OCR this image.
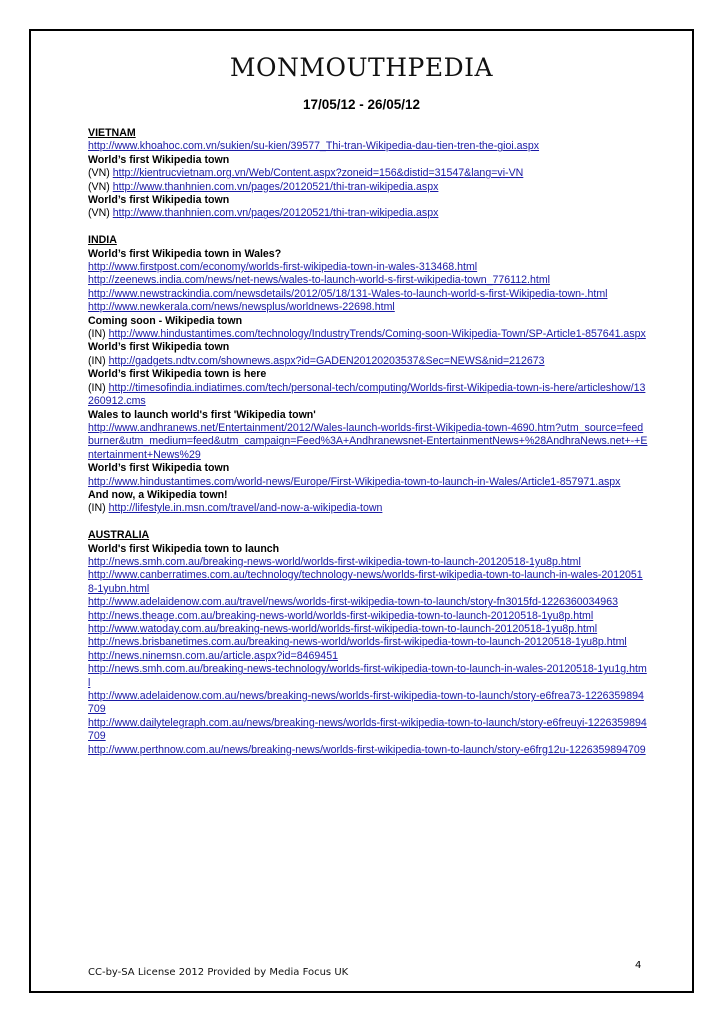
MONMOUTHPEDIA
17/05/12 - 26/05/12
VIETNAM
http://www.khoahoc.com.vn/sukien/su-kien/39577_Thi-tran-Wikipedia-dau-tien-tren-the-gioi.aspx
World’s first Wikipedia town
(VN) http://kientrucvietnam.org.vn/Web/Content.aspx?zoneid=156&distid=31547&lang=vi-VN
(VN) http://www.thanhnien.com.vn/pages/20120521/thi-tran-wikipedia.aspx
World’s first Wikipedia town
(VN) http://www.thanhnien.com.vn/pages/20120521/thi-tran-wikipedia.aspx
INDIA
World’s first Wikipedia town in Wales?
http://www.firstpost.com/economy/worlds-first-wikipedia-town-in-wales-313468.html
http://zeenews.india.com/news/net-news/wales-to-launch-world-s-first-wikipedia-town_776112.html
http://www.newstrackindia.com/newsdetails/2012/05/18/131-Wales-to-launch-world-s-first-Wikipedia-town-.html
http://www.newkerala.com/news/newsplus/worldnews-22698.html
Coming soon - Wikipedia town
(IN) http://www.hindustantimes.com/technology/IndustryTrends/Coming-soon-Wikipedia-Town/SP-Article1-857641.aspx
World’s first Wikipedia town
(IN) http://gadgets.ndtv.com/shownews.aspx?id=GADEN20120203537&Sec=NEWS&nid=212673
World’s first Wikipedia town is here
(IN) http://timesofindia.indiatimes.com/tech/personal-tech/computing/Worlds-first-Wikipedia-town-is-here/articleshow/13260912.cms
Wales to launch world's first 'Wikipedia town'
http://www.andhranews.net/Entertainment/2012/Wales-launch-worlds-first-Wikipedia-town-4690.htm?utm_source=feedburner&utm_medium=feed&utm_campaign=Feed%3A+Andhranewsnet-EntertainmentNews+%28AndhraNews.net+-+Entertainment+News%29
World’s first Wikipedia town
http://www.hindustantimes.com/world-news/Europe/First-Wikipedia-town-to-launch-in-Wales/Article1-857971.aspx
And now, a Wikipedia town!
(IN) http://lifestyle.in.msn.com/travel/and-now-a-wikipedia-town
AUSTRALIA
World's first Wikipedia town to launch
http://news.smh.com.au/breaking-news-world/worlds-first-wikipedia-town-to-launch-20120518-1yu8p.html
http://www.canberratimes.com.au/technology/technology-news/worlds-first-wikipedia-town-to-launch-in-wales-20120518-1yubn.html
http://www.adelaidenow.com.au/travel/news/worlds-first-wikipedia-town-to-launch/story-fn3015fd-1226360034963
http://news.theage.com.au/breaking-news-world/worlds-first-wikipedia-town-to-launch-20120518-1yu8p.html
http://www.watoday.com.au/breaking-news-world/worlds-first-wikipedia-town-to-launch-20120518-1yu8p.html
http://news.brisbanetimes.com.au/breaking-news-world/worlds-first-wikipedia-town-to-launch-20120518-1yu8p.html
http://news.ninemsn.com.au/article.aspx?id=8469451
http://news.smh.com.au/breaking-news-technology/worlds-first-wikipedia-town-to-launch-in-wales-20120518-1yu1g.html
http://www.adelaidenow.com.au/news/breaking-news/worlds-first-wikipedia-town-to-launch/story-e6frea73-1226359894709
http://www.dailytelegraph.com.au/news/breaking-news/worlds-first-wikipedia-town-to-launch/story-e6freuyi-1226359894709
http://www.perthnow.com.au/news/breaking-news/worlds-first-wikipedia-town-to-launch/story-e6frg12u-1226359894709
CC-by-SA License 2012 Provided by Media Focus UK
4
